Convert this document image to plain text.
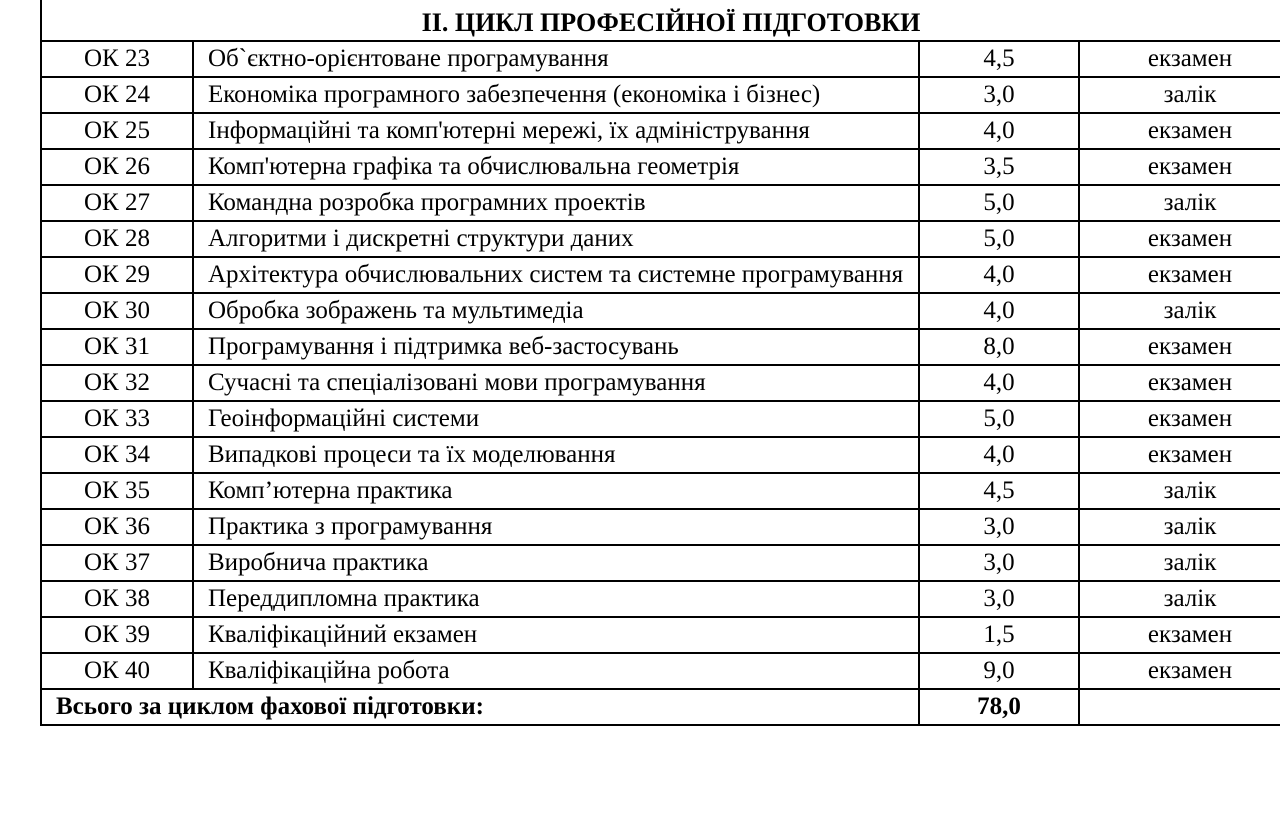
II. ЦИКЛ ПРОФЕСІЙНОЇ ПІДГОТОВКИ			
ОК 23	Об`єктно-орієнтоване програмування	4,5	екзамен
ОК 24	Економіка програмного забезпечення (економіка і бізнес)	3,0	залік
ОК 25	Інформаційні та комп'ютерні мережі, їх адміністрування	4,0	екзамен
ОК 26	Комп'ютерна графіка та обчислювальна геометрія	3,5	екзамен
ОК 27	Командна розробка програмних проектів	5,0	залік
ОК 28	Алгоритми і дискретні структури даних	5,0	екзамен
ОК 29	Архітектура обчислювальних систем та системне програмування	4,0	екзамен
ОК 30	Обробка зображень та мультимедіа	4,0	залік
ОК 31	Програмування і підтримка веб-застосувань	8,0	екзамен
ОК 32	Сучасні та спеціалізовані мови програмування	4,0	екзамен
ОК 33	Геоінформаційні системи	5,0	екзамен
ОК 34	Випадкові процеси та їх моделювання	4,0	екзамен
ОК 35	Комп’ютерна практика	4,5	залік
ОК 36	Практика з програмування	3,0	залік
ОК 37	Виробнича практика	3,0	залік
ОК 38	Переддипломна практика	3,0	залік
ОК 39	Кваліфікаційний екзамен	1,5	екзамен
ОК 40	Кваліфікаційна робота	9,0	екзамен
Всього за циклом фахової підготовки:		78,0	
